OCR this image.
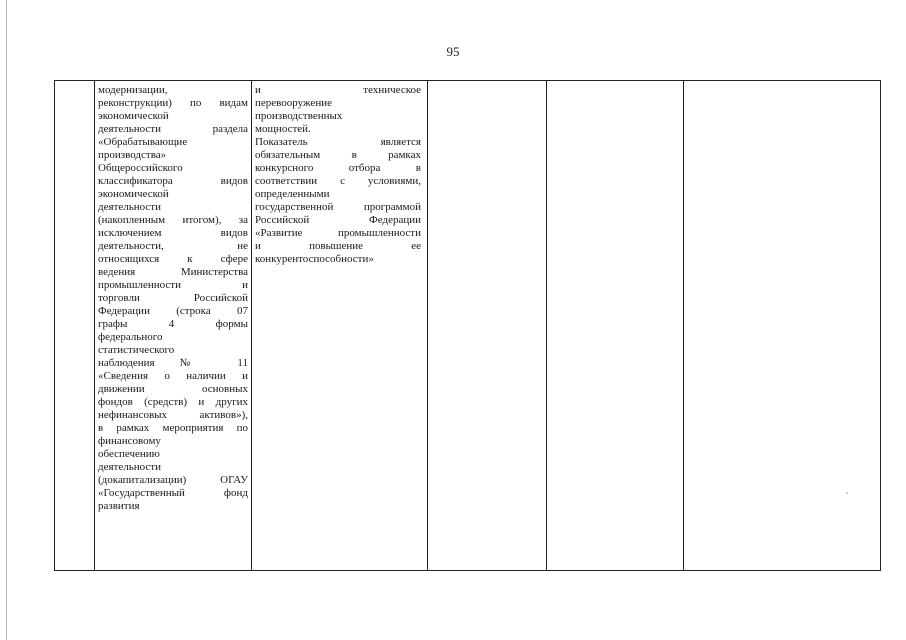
95
модернизации,
реконструкции) по видам
экономической
деятельности раздела
«Обрабатывающие
производства»
Общероссийского
классификатора видов
экономической
деятельности
(накопленным итогом), за
исключением видов
деятельности, не
относящихся к сфере
ведения Министерства
промышленности и
торговли Российской
Федерации (строка 07
графы 4 формы
федерального
статистического
наблюдения № 11
«Сведения о наличии и
движении основных
фондов (средств) и других
нефинансовых активов»),
в рамках мероприятия по
финансовому
обеспечению
деятельности
(докапитализации) ОГАУ
«Государственный фонд
развития
и техническое
перевооружение
производственных
мощностей.
Показатель является
обязательным в рамках
конкурсного отбора в
соответствии с условиями,
определенными
государственной программой
Российской Федерации
«Развитие промышленности
и повышение ее
конкурентоспособности»
